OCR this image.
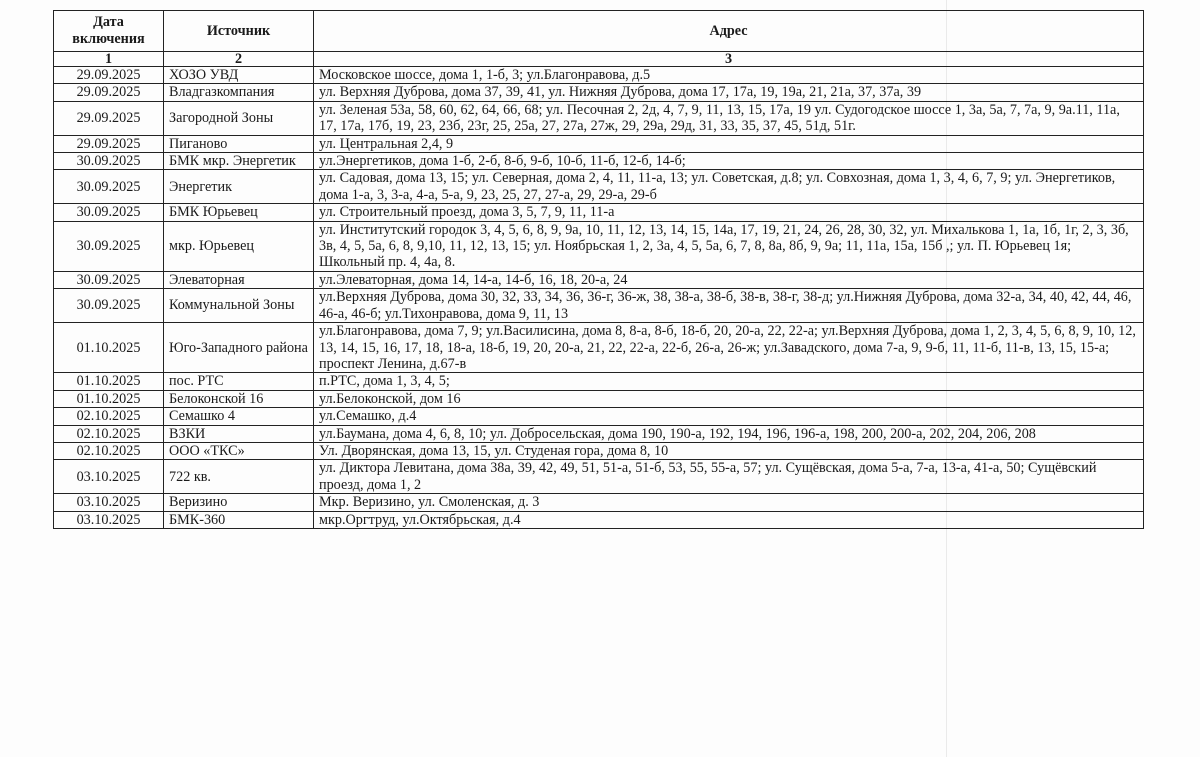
Дата включения	Источник	Адрес
1	2	3
29.09.2025	ХОЗО УВД	Московское шоссе, дома 1, 1-б, 3; ул.Благонравова, д.5
29.09.2025	Владгазкомпания	ул. Верхняя Дуброва, дома 37, 39, 41, ул. Нижняя Дуброва, дома 17, 17а, 19, 19а, 21, 21а, 37, 37а, 39
29.09.2025	Загородной Зоны	ул. Зеленая 53а, 58, 60, 62, 64, 66, 68; ул. Песочная 2, 2д, 4, 7, 9, 11, 13, 15, 17а, 19 ул. Судогодское шоссе 1, 3а, 5а, 7, 7а, 9, 9а.11, 11а, 17, 17а, 17б, 19, 23, 23б, 23г, 25, 25а, 27, 27а, 27ж, 29, 29а, 29д, 31, 33, 35, 37, 45, 51д, 51г.
29.09.2025	Пиганово	ул. Центральная 2,4, 9
30.09.2025	БМК мкр. Энергетик	ул.Энергетиков, дома 1-б, 2-б, 8-б, 9-б, 10-б, 11-б, 12-б, 14-б;
30.09.2025	Энергетик	ул. Садовая, дома 13, 15; ул. Северная, дома 2, 4, 11, 11-а, 13; ул. Советская, д.8; ул. Совхозная, дома 1, 3, 4, 6, 7, 9; ул. Энергетиков, дома 1-а, 3, 3-а, 4-а, 5-а, 9, 23, 25, 27, 27-а, 29, 29-а, 29-б
30.09.2025	БМК Юрьевец	ул. Строительный проезд, дома 3, 5, 7, 9, 11, 11-а
30.09.2025	мкр. Юрьевец	ул. Институтский городок 3, 4, 5, 6, 8, 9, 9а, 10, 11, 12, 13, 14, 15, 14а, 17, 19, 21, 24, 26, 28, 30, 32, ул. Михалькова 1, 1а, 1б, 1г, 2, 3, 3б, 3в, 4, 5, 5а, 6, 8, 9,10, 11, 12, 13, 15; ул. Ноябрьская 1, 2, 3а, 4, 5, 5а, 6, 7, 8, 8а, 8б, 9, 9а; 11, 11а, 15а, 15б ,; ул. П. Юрьевец 1я; Школьный пр. 4, 4а, 8.
30.09.2025	Элеваторная	ул.Элеваторная, дома 14, 14-а, 14-б, 16, 18, 20-а, 24
30.09.2025	Коммунальной Зоны	ул.Верхняя Дуброва, дома 30, 32, 33, 34, 36, 36-г, 36-ж, 38, 38-а, 38-б, 38-в, 38-г, 38-д; ул.Нижняя Дуброва, дома 32-а, 34, 40, 42, 44, 46, 46-а, 46-б; ул.Тихонравова, дома 9, 11, 13
01.10.2025	Юго-Западного района	ул.Благонравова, дома 7, 9; ул.Василисина, дома 8, 8-а, 8-б, 18-б, 20, 20-а, 22, 22-а; ул.Верхняя Дуброва, дома 1, 2, 3, 4, 5, 6, 8, 9, 10, 12, 13, 14, 15, 16, 17, 18, 18-а, 18-б, 19, 20, 20-а, 21, 22, 22-а, 22-б, 26-а, 26-ж; ул.Завадского, дома 7-а, 9, 9-б, 11, 11-б, 11-в, 13, 15, 15-а; проспект Ленина, д.67-в
01.10.2025	пос. РТС	п.РТС, дома 1, 3, 4, 5;
01.10.2025	Белоконской 16	ул.Белоконской, дом 16
02.10.2025	Семашко 4	ул.Семашко, д.4
02.10.2025	ВЗКИ	ул.Баумана, дома 4, 6, 8, 10; ул. Добросельская, дома 190, 190-а, 192, 194, 196, 196-а, 198, 200, 200-а, 202, 204, 206, 208
02.10.2025	ООО «ТКС»	Ул. Дворянская, дома 13, 15, ул. Студеная гора, дома 8, 10
03.10.2025	722 кв.	ул. Диктора Левитана, дома 38а, 39, 42, 49, 51, 51-а, 51-б, 53, 55, 55-а, 57; ул. Сущёвская, дома 5-а, 7-а, 13-а, 41-а, 50; Сущёвский проезд, дома 1, 2
03.10.2025	Веризино	Мкр. Веризино, ул. Смоленская, д. 3
03.10.2025	БМК-360	мкр.Оргтруд, ул.Октябрьская, д.4
